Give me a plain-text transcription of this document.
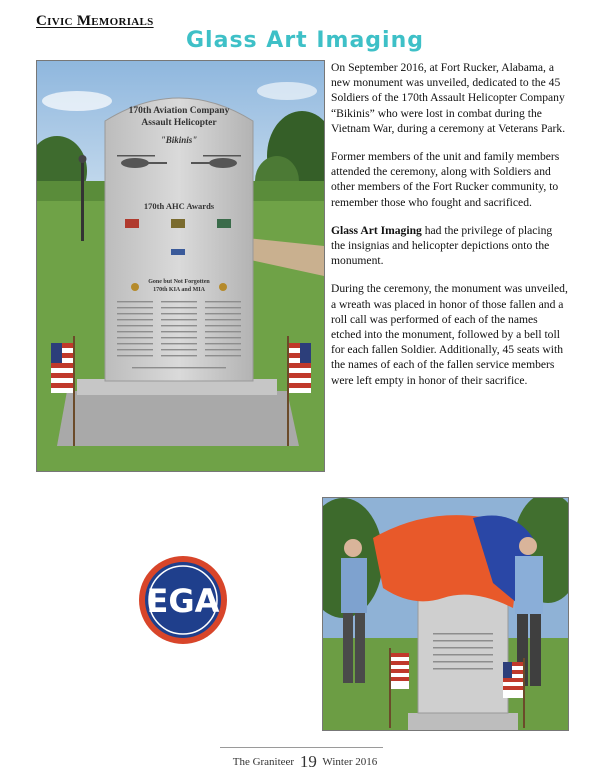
Civic Memorials
Glass Art Imaging
170th Aviation Company
Assault Helicopter
"Bikinis"
170th AHC Awards
Gone but Not Forgotten
170th KIA and MIA

On September 2016, at Fort Rucker, Alabama, a new monument was unveiled, dedicated to the 45 Soldiers of the 170th Assault Helicopter Company “Bikinis” who were lost in combat during the Vietnam War, during a ceremony at Veterans Park.

Former members of the unit and family members attended the ceremony, along with Soldiers and other members of the Fort Rucker community, to remember those who fought and sacrificed.

Glass Art Imaging had the privilege of placing the insignias and helicopter depictions onto the monument.

During the ceremony, the monument was unveiled, a wreath was placed in honor of those fallen and a roll call was performed of each of the names etched into the monument, followed by a bell toll for each fallen Soldier. Additionally, 45 seats with the names of each of the fallen service members were left empty in honor of their sacrifice.

EGA
The Graniteer 19 Winter 2016
